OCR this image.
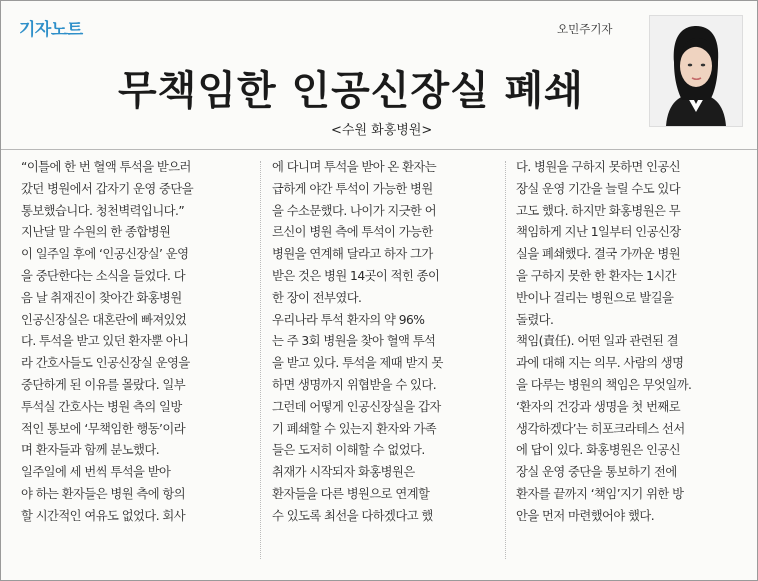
기자노트	오민주기자
무책임한 인공신장실 폐쇄
<수원 화홍병원>
“이틀에 한 번 혈액 투석을 받으러
갔던 병원에서 갑자기 운영 중단을
통보했습니다. 청천벽력입니다.”
지난달 말 수원의 한 종합병원
이 일주일 후에 ‘인공신장실’ 운영
을 중단한다는 소식을 들었다. 다
음 날 취재진이 찾아간 화홍병원
인공신장실은 대혼란에 빠져있었
다. 투석을 받고 있던 환자뿐 아니
라 간호사들도 인공신장실 운영을
중단하게 된 이유를 몰랐다. 일부
투석실 간호사는 병원 측의 일방
적인 통보에 ‘무책임한 행동’이라
며 환자들과 함께 분노했다.
일주일에 세 번씩 투석을 받아
야 하는 환자들은 병원 측에 항의
할 시간적인 여유도 없었다. 회사
에 다니며 투석을 받아 온 환자는
급하게 야간 투석이 가능한 병원
을 수소문했다. 나이가 지긋한 어
르신이 병원 측에 투석이 가능한
병원을 연계해 달라고 하자 그가
받은 것은 병원 14곳이 적힌 종이
한 장이 전부였다.
우리나라 투석 환자의 약 96%
는 주 3회 병원을 찾아 혈액 투석
을 받고 있다. 투석을 제때 받지 못
하면 생명까지 위협받을 수 있다.
그런데 어떻게 인공신장실을 갑자
기 폐쇄할 수 있는지 환자와 가족
들은 도저히 이해할 수 없었다.
취재가 시작되자 화홍병원은
환자들을 다른 병원으로 연계할
수 있도록 최선을 다하겠다고 했
다. 병원을 구하지 못하면 인공신
장실 운영 기간을 늘릴 수도 있다
고도 했다. 하지만 화홍병원은 무
책임하게 지난 1일부터 인공신장
실을 폐쇄했다. 결국 가까운 병원
을 구하지 못한 한 환자는 1시간
반이나 걸리는 병원으로 발길을
돌렸다.
책임(責任). 어떤 일과 관련된 결
과에 대해 지는 의무. 사람의 생명
을 다루는 병원의 책임은 무엇일까.
‘환자의 건강과 생명을 첫 번째로
생각하겠다’는 히포크라테스 선서
에 답이 있다. 화홍병원은 인공신
장실 운영 중단을 통보하기 전에
환자를 끝까지 ‘책임’지기 위한 방
안을 먼저 마련했어야 했다.
